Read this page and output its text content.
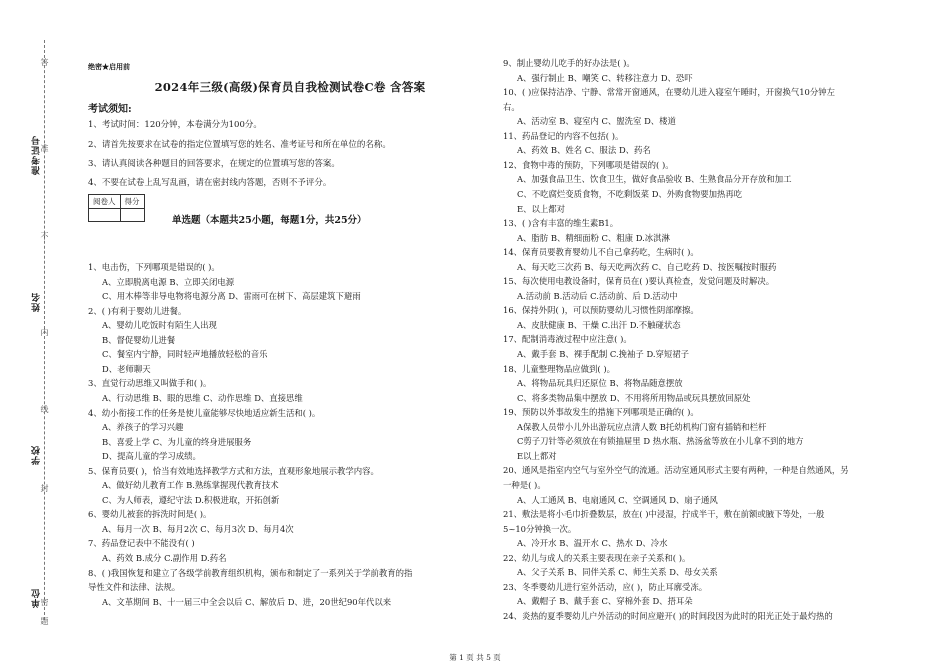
准考证号
姓名
学校
单位
密
封
线
内
不
准
答
题
绝密★启用前
2024年三级(高级)保育员自我检测试卷C卷 含答案
考试须知:
1、考试时间：120分钟，本卷满分为100分。
2、请首先按要求在试卷的指定位置填写您的姓名、准考证号和所在单位的名称。
3、请认真阅读各种题目的回答要求，在规定的位置填写您的答案。
4、不要在试卷上乱写乱画，请在密封线内答题，否则不予评分。
阅卷人	得分

单选题（本题共25小题，每题1分，共25分）
1、电击伤，下列哪项是错误的( )。
A、立即脱离电源 B、立即关闭电源
C、用木棒等非导电物将电源分离 D、雷雨可在树下、高层建筑下避雨
2、( )有利于婴幼儿进餐。
A、婴幼儿吃饭时有陌生人出现
B、督促婴幼儿进餐
C、餐室内宁静，同时轻声地播放轻松的音乐
D、老师聊天
3、直觉行动思维又叫做手和( )。
A、行动思维 B、眼的思维 C、动作思维 D、直接思维
4、幼小衔接工作的任务是使儿童能够尽快地适应新生活和( )。
A、养孩子的学习兴趣
B、喜爱上学 C、为儿童的终身进展服务
D、提高儿童的学习成绩。
5、保育员要( )，恰当有效地选择教学方式和方法，直观形象地展示教学内容。
A、做好幼儿教育工作 B.熟练掌握现代教育技术
C、为人师表，遵纪守法 D.积极进取，开拓创新
6、婴幼儿被套的拆洗时间是( )。
A、每月一次 B、每月2次 C、每月3次 D、每月4次
7、药品登记表中不能没有( )
A、药效 B.成分 C.副作用 D.药名
8、( )我国恢复和建立了各级学前教育组织机构，颁布和制定了一系列关于学前教育的指
导性文件和法律、法规。
A、文革期间 B、十一届三中全会以后 C、解放后 D、进，20世纪90年代以来
9、制止婴幼儿吃手的好办法是( )。
A、强行制止 B、嘲笑 C、转移注意力 D、恐吓
10、( )应保持洁净、宁静、常常开窗通风，在婴幼儿进入寝室午睡时，开窗换气10分钟左
右。
A、活动室 B、寝室内 C、盥洗室 D、楼道
11、药品登记的内容不包括( )。
A、药效 B、姓名 C、服法 D、药名
12、食物中毒的预防，下列哪项是错误的( )。
A、加强食品卫生、饮食卫生，做好食品验收 B、生熟食品分开存放和加工
C、不吃腐烂变质食物，不吃剩饭菜 D、外购食物要加热再吃
E、以上都对
13、( )含有丰富的维生素B1。
A、脂肪 B、精细面粉 C、粗康 D.冰淇淋
14、保育员要教育婴幼儿不自己拿药吃，生病时( )。
A、每天吃三次药 B、每天吃两次药 C、自己吃药 D、按医嘱按时服药
15、每次使用电教设备时，保育员在( )要认真检查，发觉问题及时解决。
A.活动前 B.活动后 C.活动前、后 D.活动中
16、保持外阴( )，可以预防婴幼儿习惯性阴部摩擦。
A、皮肤健康 B、干燥 C.出汗 D.不触碰状态
17、配制消毒液过程中应注意( )。
A、戴手套 B、裸手配制 C.挽袖子 D.穿短裙子
18、儿童整理物品应做到( )。
A、将物品玩具归还原位 B、将物品随意摆放
C、将多类物品集中摆放 D、不用将所用物品或玩具摆放回原处
19、预防以外事故发生的措施下列哪项是正确的( )。
A保教人员带小儿外出游玩应点清人数 B托幼机构门窗有插销和栏杆
C剪子刀针等必须放在有锁抽屉里 D 热水瓶、热汤盆等放在小儿拿不到的地方
E以上都对
20、通风是指室内空气与室外空气的流通。活动室通风形式主要有两种，一种是自然通风，另
一种是( )。
A、人工通风 B、电扇通风 C、空调通风 D、扇子通风
21、敷法是将小毛巾折叠数层，放在( )中浸湿，拧成半干，敷在前额或腋下等处，一般
5~10分钟换一次。
A、冷开水 B、温开水 C、热水 D、冷水
22、幼儿与成人的关系主要表现在亲子关系和( )。
A、父子关系 B、同伴关系 C、师生关系 D、母女关系
23、冬季婴幼儿进行室外活动，应( )，防止耳廓受冻。
A、戴帽子 B、戴手套 C、穿棉外套 D、捂耳朵
24、炎热的夏季婴幼儿户外活动的时间应避开( )的时间段因为此时的阳光正处于最灼热的
第 1 页 共 5 页
